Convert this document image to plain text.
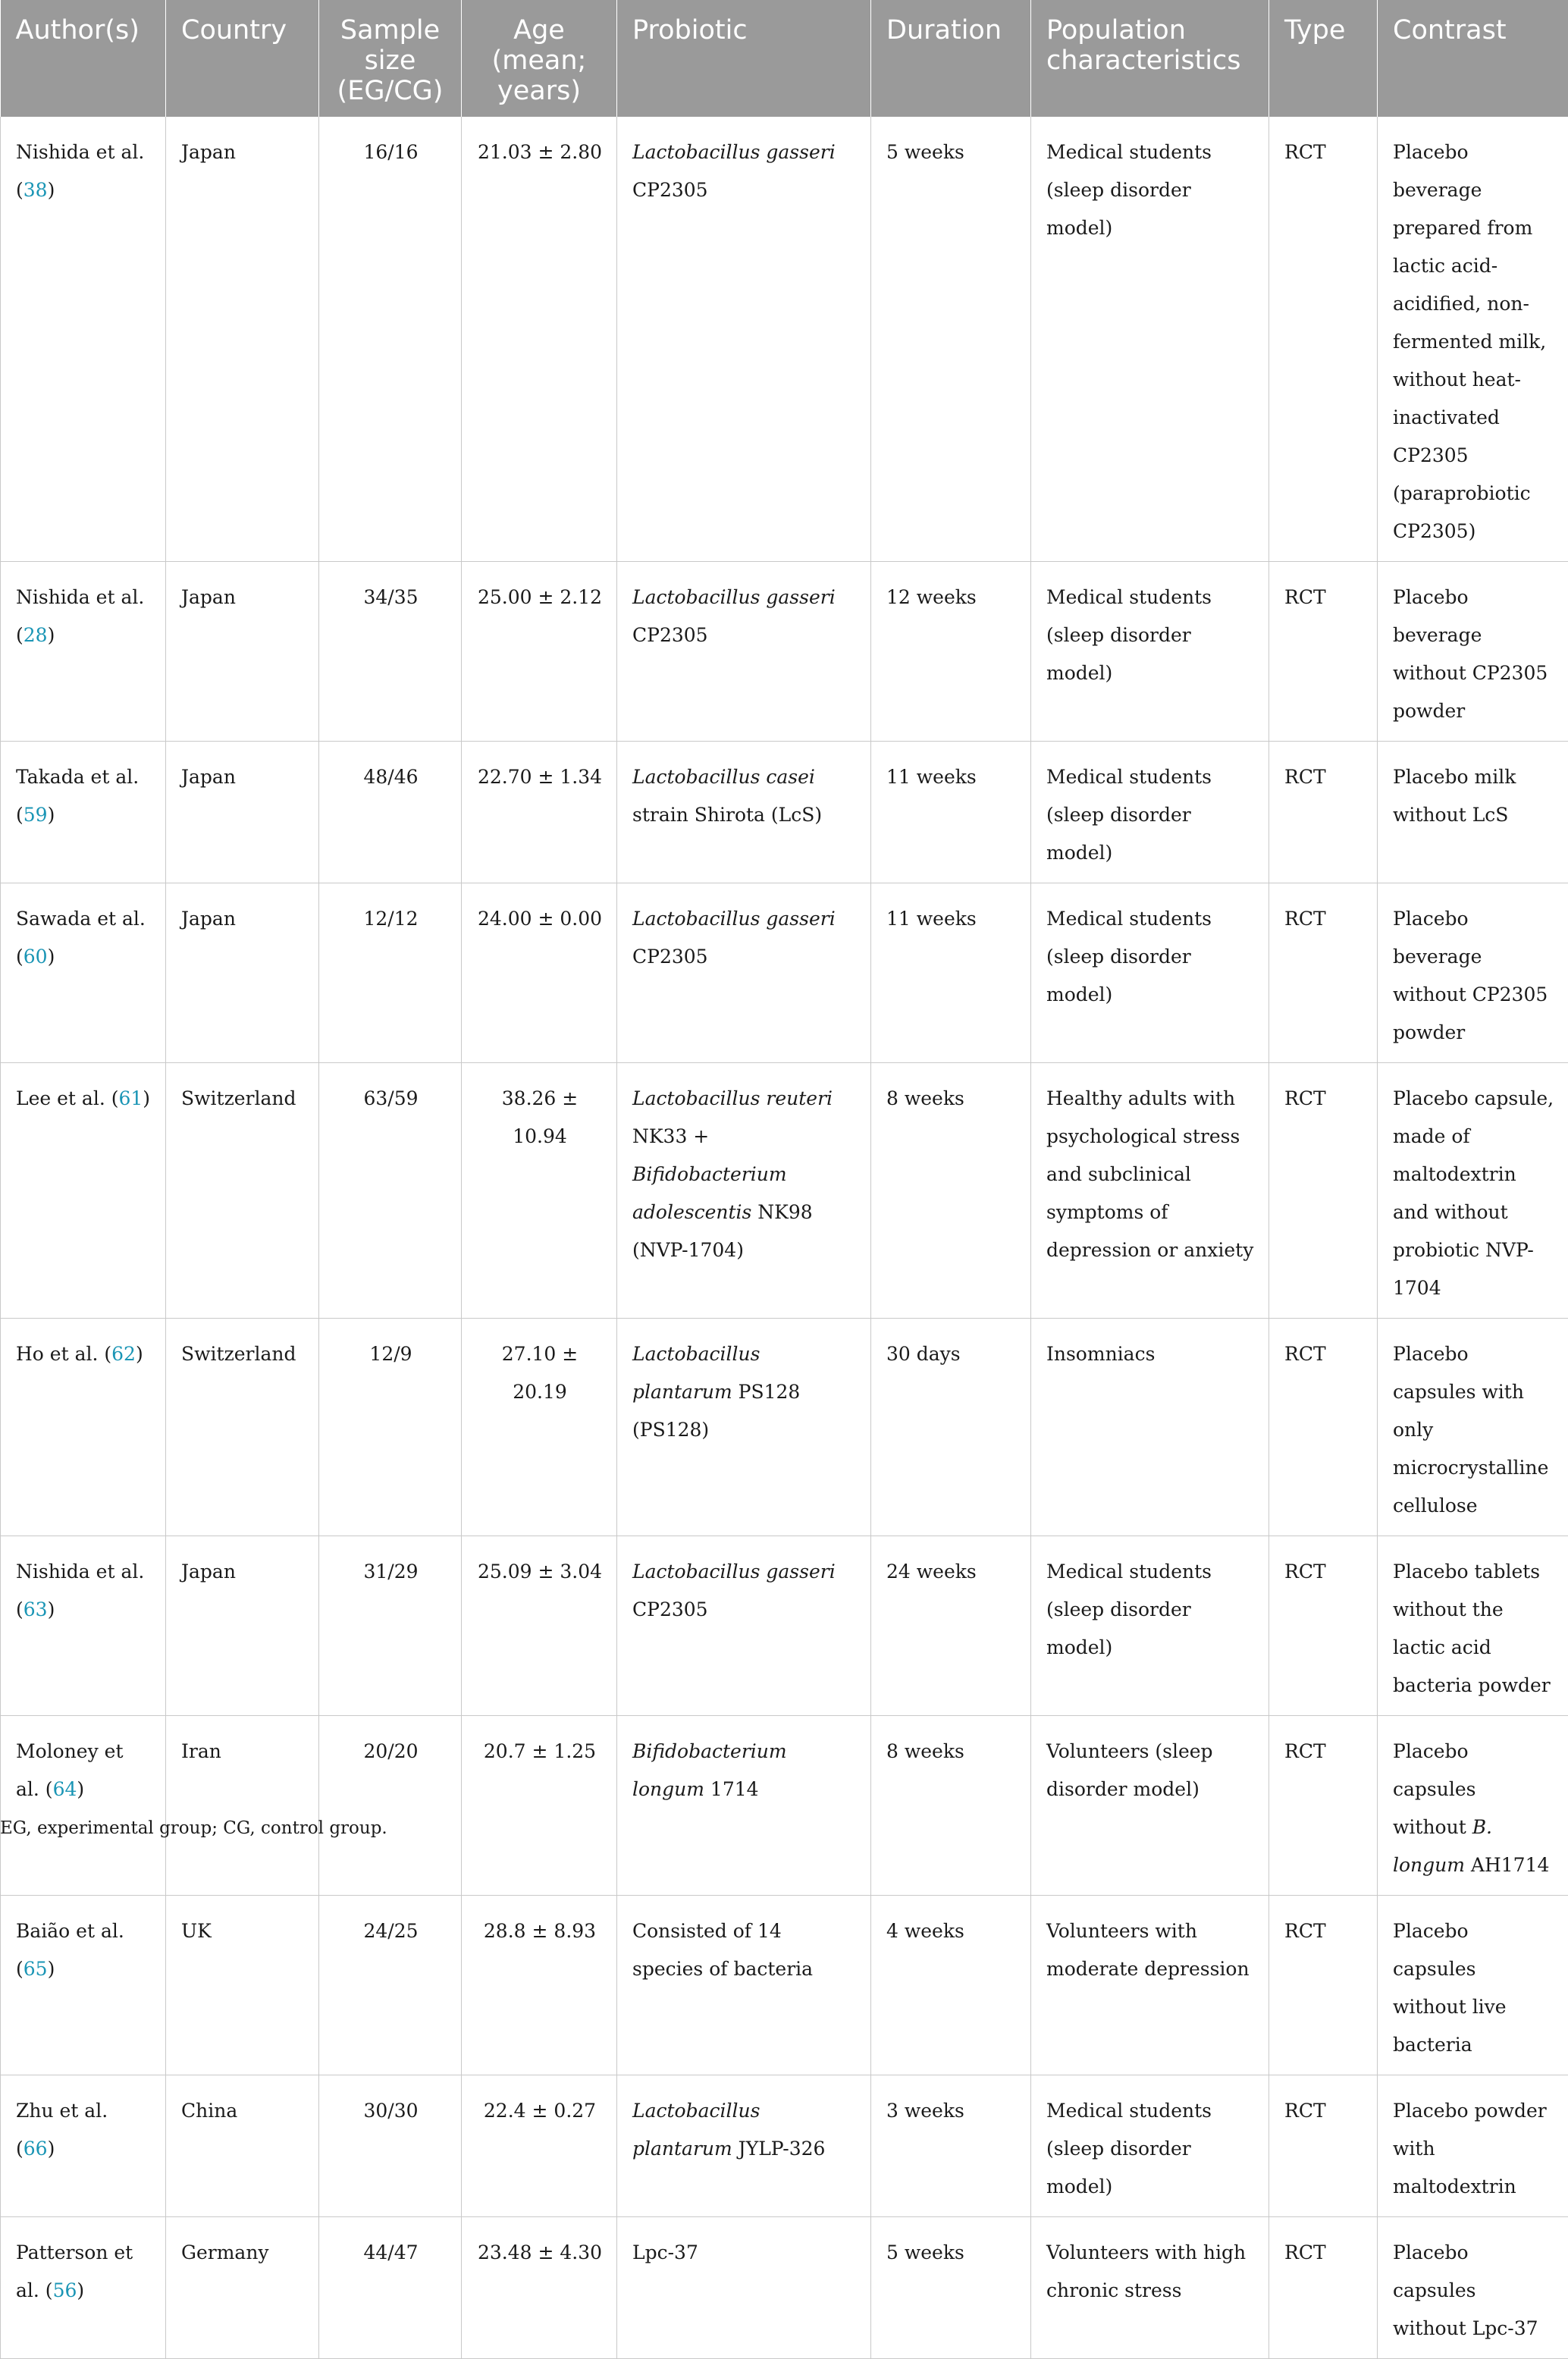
Author(s)	Country	Sample size (EG/CG)	Age (mean; years)	Probiotic	Duration	Population characteristics	Type	Contrast
Nishida et al. (38)	Japan	16/16	21.03 ± 2.80	Lactobacillus gasseri CP2305	5 weeks	Medical students (sleep disorder model)	RCT	Placebo beverage prepared from lactic acid-acidified, non-fermented milk, without heat-inactivated CP2305 (paraprobiotic CP2305)
Nishida et al. (28)	Japan	34/35	25.00 ± 2.12	Lactobacillus gasseri CP2305	12 weeks	Medical students (sleep disorder model)	RCT	Placebo beverage without CP2305 powder
Takada et al. (59)	Japan	48/46	22.70 ± 1.34	Lactobacillus casei strain Shirota (LcS)	11 weeks	Medical students (sleep disorder model)	RCT	Placebo milk without LcS
Sawada et al. (60)	Japan	12/12	24.00 ± 0.00	Lactobacillus gasseri CP2305	11 weeks	Medical students (sleep disorder model)	RCT	Placebo beverage without CP2305 powder
Lee et al. (61)	Switzerland	63/59	38.26 ± 10.94	Lactobacillus reuteri NK33 + Bifidobacterium adolescentis NK98 (NVP-1704)	8 weeks	Healthy adults with psychological stress and subclinical symptoms of depression or anxiety	RCT	Placebo capsule, made of maltodextrin and without probiotic NVP-1704
Ho et al. (62)	Switzerland	12/9	27.10 ± 20.19	Lactobacillus plantarum PS128 (PS128)	30 days	Insomniacs	RCT	Placebo capsules with only microcrystalline cellulose
Nishida et al. (63)	Japan	31/29	25.09 ± 3.04	Lactobacillus gasseri CP2305	24 weeks	Medical students (sleep disorder model)	RCT	Placebo tablets without the lactic acid bacteria powder
Moloney et al. (64)	Iran	20/20	20.7 ± 1.25	Bifidobacterium longum 1714	8 weeks	Volunteers (sleep disorder model)	RCT	Placebo capsules without B. longum AH1714
Baião et al. (65)	UK	24/25	28.8 ± 8.93	Consisted of 14 species of bacteria	4 weeks	Volunteers with moderate depression	RCT	Placebo capsules without live bacteria
Zhu et al. (66)	China	30/30	22.4 ± 0.27	Lactobacillus plantarum JYLP-326	3 weeks	Medical students (sleep disorder model)	RCT	Placebo powder with maltodextrin
Patterson et al. (56)	Germany	44/47	23.48 ± 4.30	Lpc-37	5 weeks	Volunteers with high chronic stress	RCT	Placebo capsules without Lpc-37
EG, experimental group; CG, control group.
